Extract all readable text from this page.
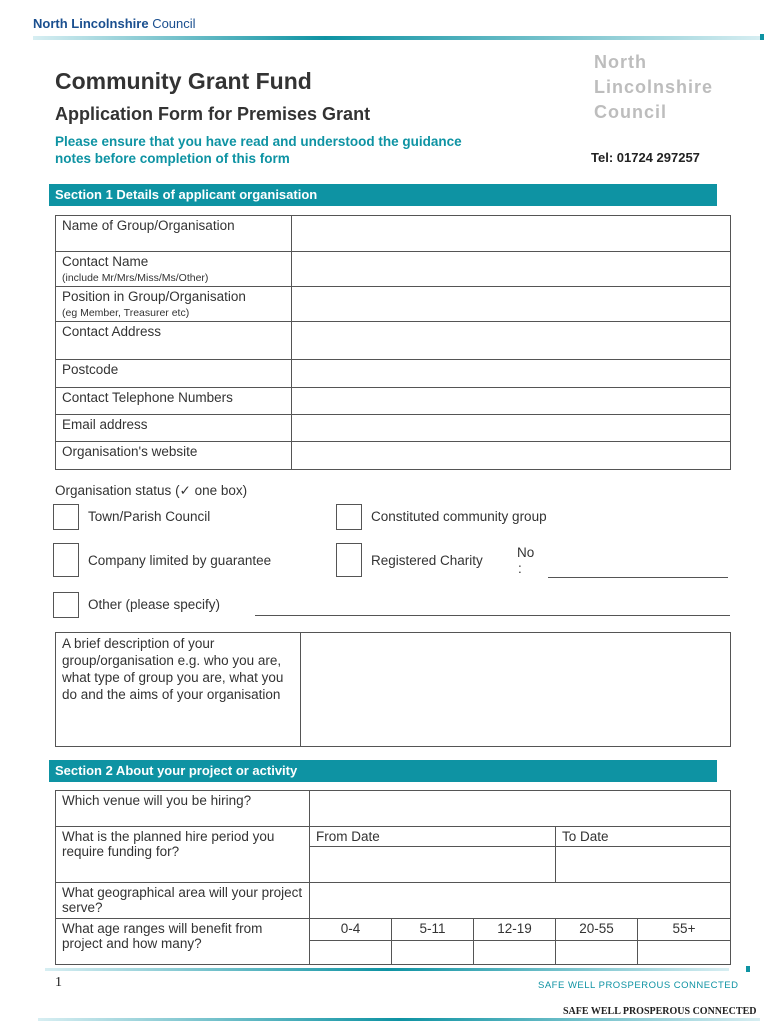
North Lincolnshire Council
Community Grant Fund
Application Form for Premises Grant
Please ensure that you have read and understood the guidance notes before completion of this form
North
Lincolnshire
Council
Tel: 01724 297257
Section 1 Details of applicant organisation
Name of Group/Organisation	
Contact Name
(include Mr/Mrs/Miss/Ms/Other)	
Position in Group/Organisation
(eg Member, Treasurer etc)	
Contact Address	
Postcode	
Contact Telephone Numbers	
Email address	
Organisation's website	
Organisation status (✓ one box)
Town/Parish Council	Constituted community group
Company limited by guarantee	Registered Charity
No
:
Other (please specify)
A brief description of your group/organisation e.g. who you are, what type of group you are, what you do and the aims of your organisation	
Section 2 About your project or activity
Which venue will you be hiring?					
What is the planned hire period you require funding for?	From Date			To Date	

What geographical area will your project serve?					
What age ranges will benefit from project and how many?	0-4	5-11	12-19	20-55	55+

1	SAFE WELL PROSPEROUS CONNECTED
SAFE WELL PROSPEROUS CONNECTED
